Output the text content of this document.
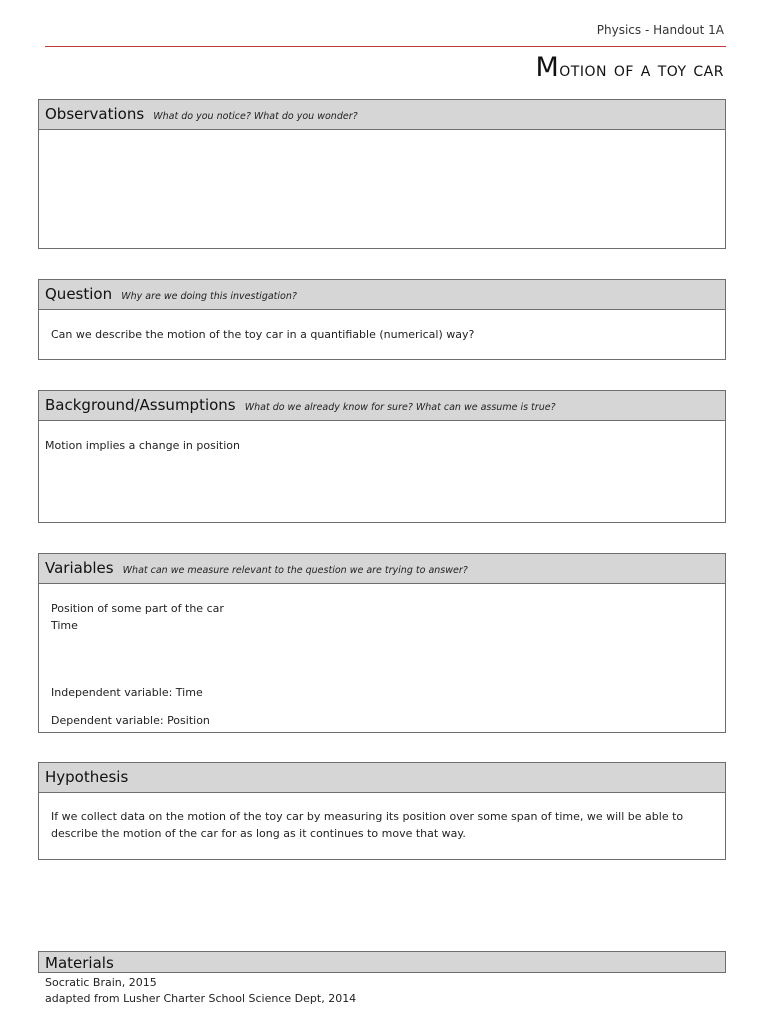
Physics - Handout 1A
Motion of a toy car
Observations What do you notice? What do you wonder?
Question Why are we doing this investigation?
Can we describe the motion of the toy car in a quantifiable (numerical) way?
Background/Assumptions What do we already know for sure? What can we assume is true?
Motion implies a change in position
Variables What can we measure relevant to the question we are trying to answer?
Position of some part of the car
Time
Independent variable: Time
Dependent variable: Position
Hypothesis
If we collect data on the motion of the toy car by measuring its position over some span of time, we will be able to
describe the motion of the car for as long as it continues to move that way.
Materials
Socratic Brain, 2015
adapted from Lusher Charter School Science Dept, 2014
